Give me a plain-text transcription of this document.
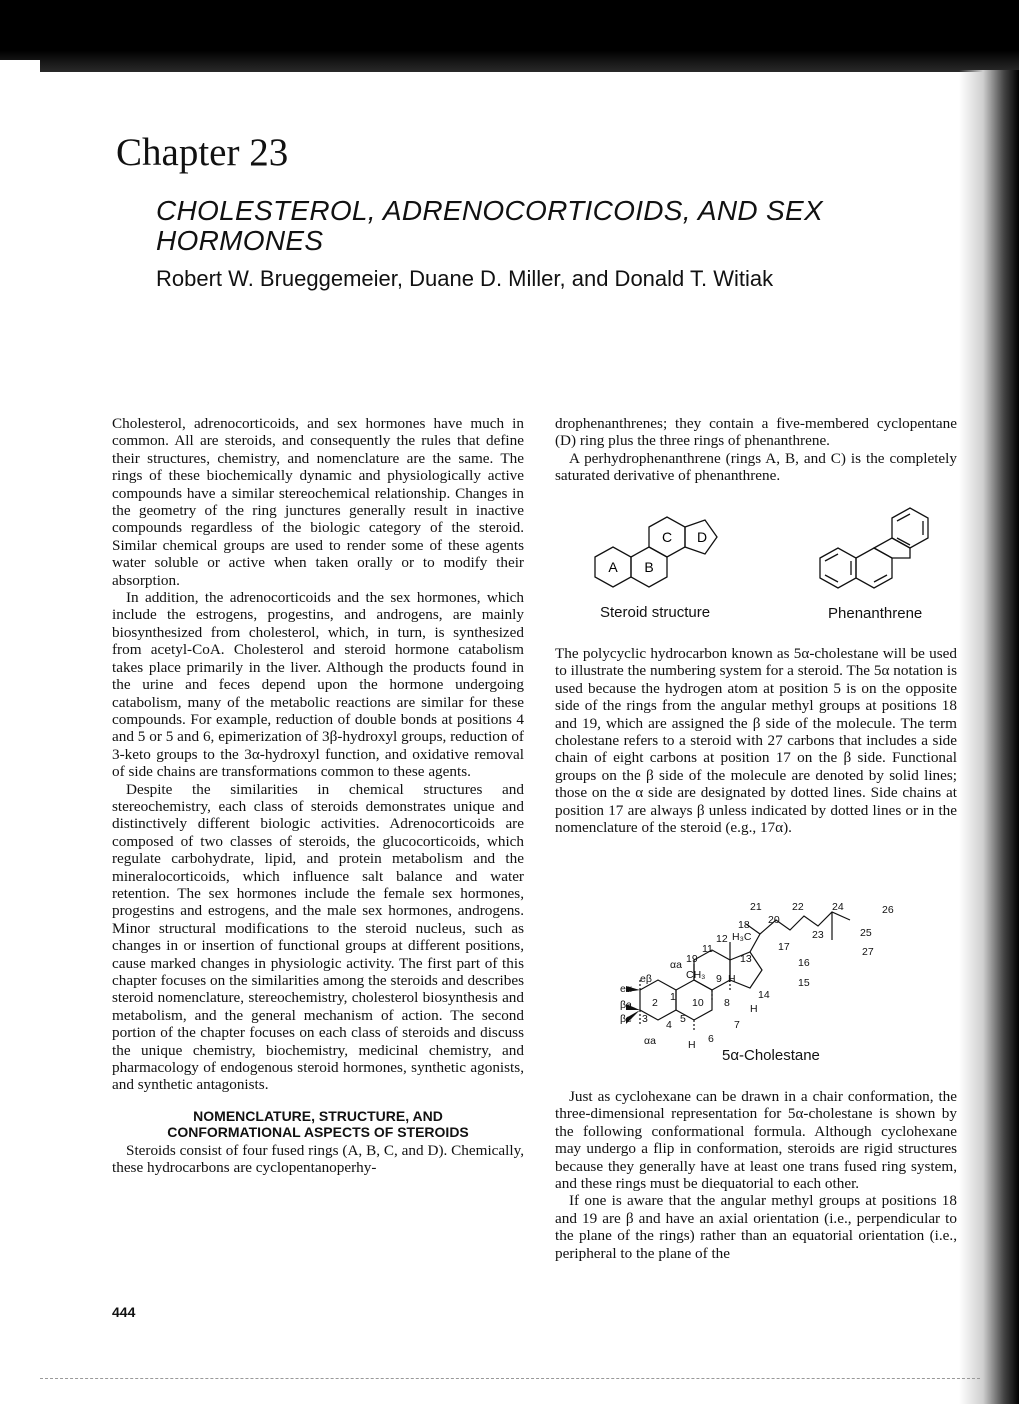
Chapter 23
CHOLESTEROL, ADRENOCORTICOIDS, AND SEX HORMONES

Robert W. Brueggemeier, Duane D. Miller, and Donald T. Witiak

Cholesterol, adrenocorticoids, and sex hormones have much in common. All are steroids, and consequently the rules that define their structures, chemistry, and nomenclature are the same. The rings of these biochemically dynamic and physiologically active compounds have a similar stereochemical relationship. Changes in the geometry of the ring junctures generally result in inactive compounds regardless of the biologic category of the steroid. Similar chemical groups are used to render some of these agents water soluble or active when taken orally or to modify their absorption.

In addition, the adrenocorticoids and the sex hormones, which include the estrogens, progestins, and androgens, are mainly biosynthesized from cholesterol, which, in turn, is synthesized from acetyl-CoA. Cholesterol and steroid hormone catabolism takes place primarily in the liver. Although the products found in the urine and feces depend upon the hormone undergoing catabolism, many of the metabolic reactions are similar for these compounds. For example, reduction of double bonds at positions 4 and 5 or 5 and 6, epimerization of 3β-hydroxyl groups, reduction of 3-keto groups to the 3α-hydroxyl function, and oxidative removal of side chains are transformations common to these agents.

Despite the similarities in chemical structures and stereochemistry, each class of steroids demonstrates unique and distinctively different biologic activities. Adrenocorticoids are composed of two classes of steroids, the glucocorticoids, which regulate carbohydrate, lipid, and protein metabolism and the mineralocorticoids, which influence salt balance and water retention. The sex hormones include the female sex hormones, progestins and estrogens, and the male sex hormones, androgens. Minor structural modifications to the steroid nucleus, such as changes in or insertion of functional groups at different positions, cause marked changes in physiologic activity. The first part of this chapter focuses on the similarities among the steroids and describes steroid nomenclature, stereochemistry, cholesterol biosynthesis and metabolism, and the general mechanism of action. The second portion of the chapter focuses on each class of steroids and discuss the unique chemistry, biochemistry, medicinal chemistry, and pharmacology of endogenous steroid hormones, synthetic agonists, and synthetic antagonists.

NOMENCLATURE, STRUCTURE, AND
CONFORMATIONAL ASPECTS OF STEROIDS

Steroids consist of four fused rings (A, B, C, and D). Chemically, these hydrocarbons are cyclopentanoperhy-

drophenanthrenes; they contain a five-membered cyclopentane (D) ring plus the three rings of phenanthrene.

A perhydrophenanthrene (rings A, B, and C) is the completely saturated derivative of phenanthrene.

A B
C D
Steroid structure	Phenanthrene

The polycyclic hydrocarbon known as 5α-cholestane will be used to illustrate the numbering system for a steroid. The 5α notation is used because the hydrogen atom at position 5 is on the opposite side of the rings from the angular methyl groups at positions 18 and 19, which are assigned the β side of the molecule. The term cholestane refers to a steroid with 27 carbons that includes a side chain of eight carbons at position 17 on the β side. Functional groups on the β side of the molecule are denoted by solid lines; those on the α side are designated by dotted lines. Side chains at position 17 are always β unless indicated by dotted lines or in the nomenclature of the steroid (e.g., 17α).

21	22	24	26
20
18
23	25
27
12 H₃C
17
11
16
19
αa
CH₃
13
9 H	15
eβ
eα	14
βa 2 1 10 8
βe 3	5	7
4
αa	H 6
H
5α-Cholestane

Just as cyclohexane can be drawn in a chair conformation, the three-dimensional representation for 5α-cholestane is shown by the following conformational formula. Although cyclohexane may undergo a flip in conformation, steroids are rigid structures because they generally have at least one trans fused ring system, and these rings must be diequatorial to each other.

If one is aware that the angular methyl groups at positions 18 and 19 are β and have an axial orientation (i.e., perpendicular to the plane of the rings) rather than an equatorial orientation (i.e., peripheral to the plane of the

444
